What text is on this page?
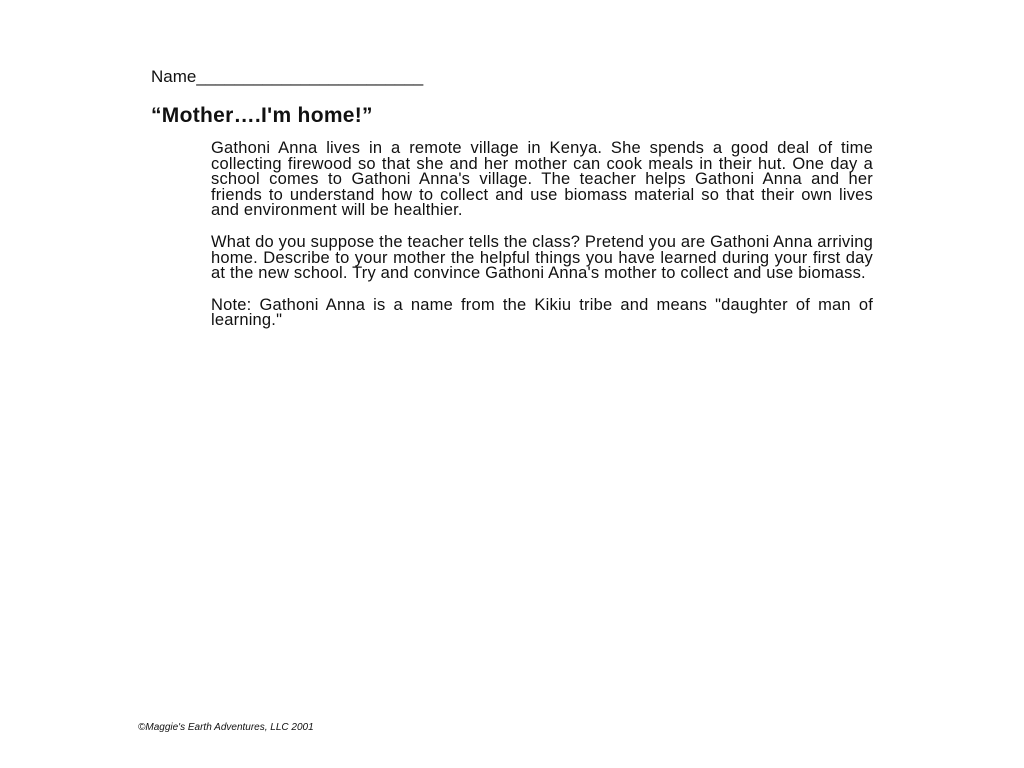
Name________________________
“Mother….I'm home!”

Gathoni Anna lives in a remote village in Kenya. She spends a good deal of time collecting firewood so that she and her mother can cook meals in their hut. One day a school comes to Gathoni Anna's village. The teacher helps Gathoni Anna and her friends to understand how to collect and use biomass material so that their own lives and environment will be healthier.

What do you suppose the teacher tells the class? Pretend you are Gathoni Anna arriving home. Describe to your mother the helpful things you have learned during your first day at the new school. Try and convince Gathoni Anna's mother to collect and use biomass.

Note: Gathoni Anna is a name from the Kikiu tribe and means "daughter of man of learning."

©Maggie's Earth Adventures, LLC 2001
